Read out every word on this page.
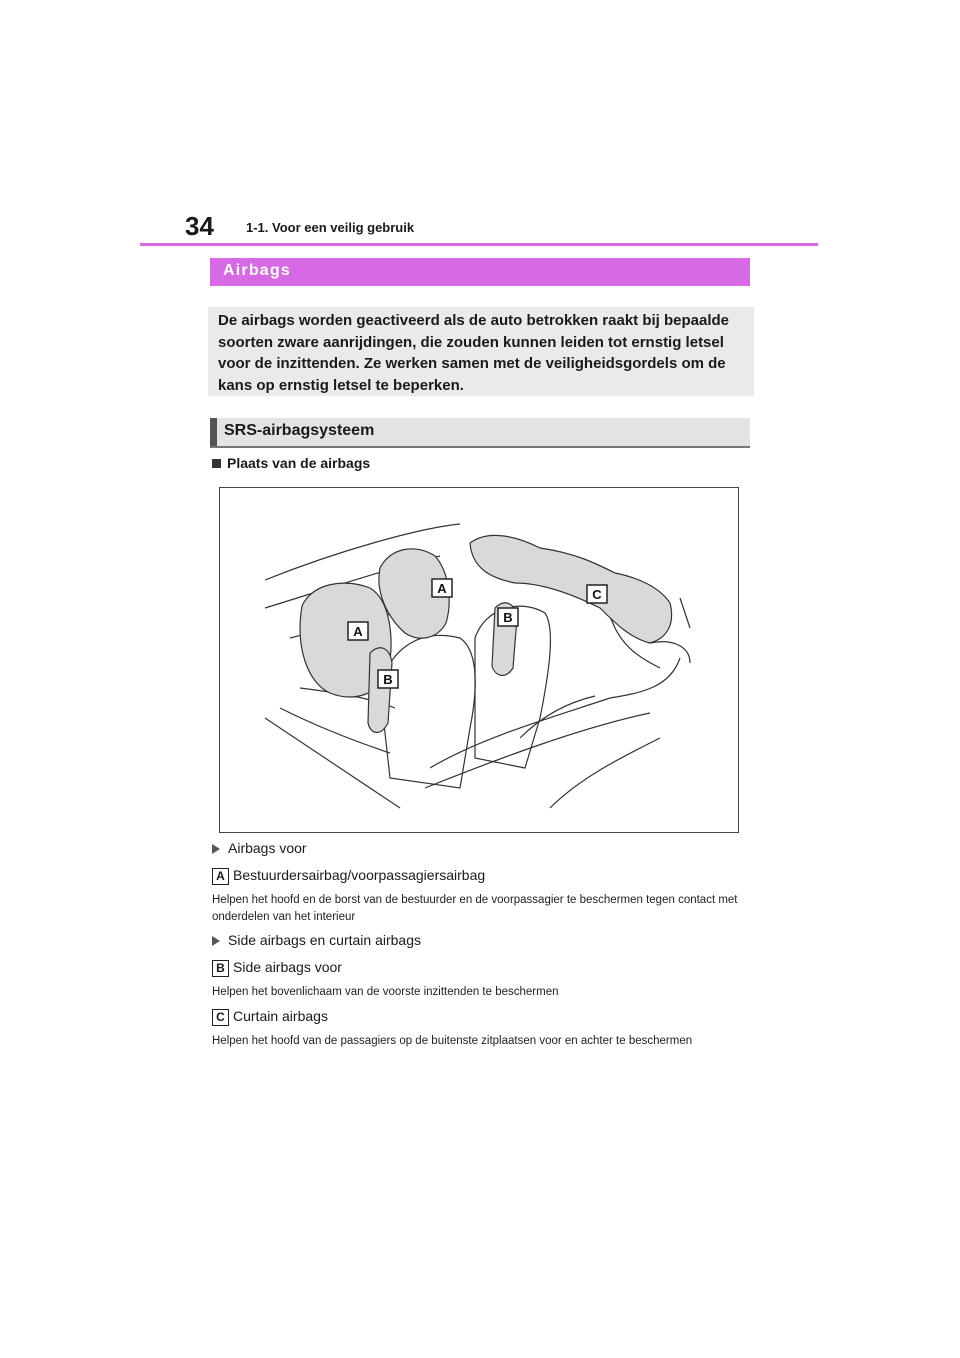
34 1-1. Voor een veilig gebruik
Airbags

De airbags worden geactiveerd als de auto betrokken raakt bij bepaalde soorten zware aanrijdingen, die zouden kunnen leiden tot ernstig letsel voor de inzittenden. Ze werken samen met de veiligheidsgordels om de kans op ernstig letsel te beperken.

SRS-airbagsysteem
Plaats van de airbags
A
A
B
B
C
Airbags voor
A Bestuurdersairbag/voorpassagiersairbag
Helpen het hoofd en de borst van de bestuurder en de voorpassagier te beschermen tegen contact met onderdelen van het interieur
Side airbags en curtain airbags
B Side airbags voor
Helpen het bovenlichaam van de voorste inzittenden te beschermen
C Curtain airbags
Helpen het hoofd van de passagiers op de buitenste zitplaatsen voor en achter te beschermen
